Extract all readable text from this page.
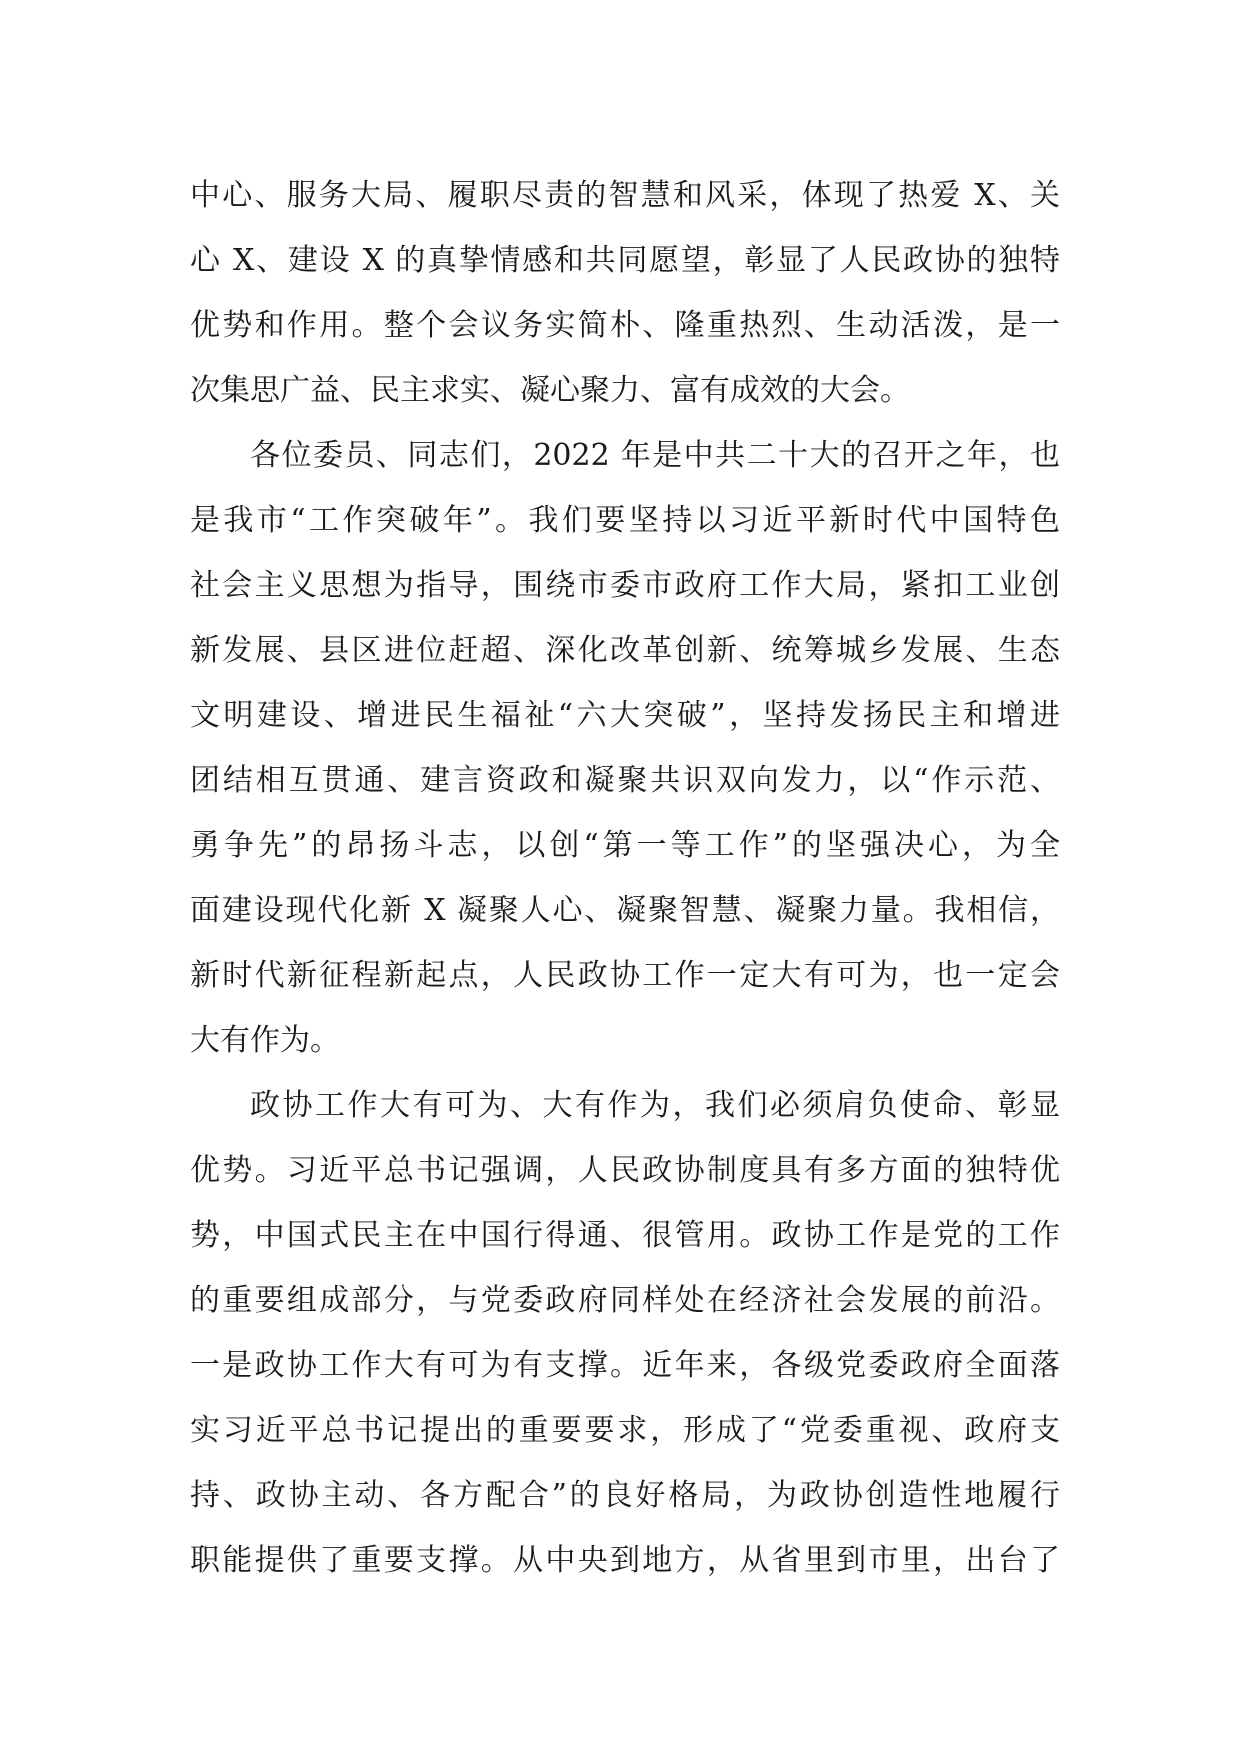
中心、服务大局、履职尽责的智慧和风采，体现了热爱 X、关
心 X、建设 X 的真挚情感和共同愿望，彰显了人民政协的独特
优势和作用。整个会议务实简朴、隆重热烈、生动活泼，是一
次集思广益、民主求实、凝心聚力、富有成效的大会。
各位委员、同志们，2022 年是中共二十大的召开之年，也
是我市“工作突破年”。我们要坚持以习近平新时代中国特色
社会主义思想为指导，围绕市委市政府工作大局，紧扣工业创
新发展、县区进位赶超、深化改革创新、统筹城乡发展、生态
文明建设、增进民生福祉“六大突破”，坚持发扬民主和增进
团结相互贯通、建言资政和凝聚共识双向发力，以“作示范、
勇争先”的昂扬斗志，以创“第一等工作”的坚强决心，为全
面建设现代化新 X 凝聚人心、凝聚智慧、凝聚力量。我相信，
新时代新征程新起点，人民政协工作一定大有可为，也一定会
大有作为。
政协工作大有可为、大有作为，我们必须肩负使命、彰显
优势。习近平总书记强调，人民政协制度具有多方面的独特优
势，中国式民主在中国行得通、很管用。政协工作是党的工作
的重要组成部分，与党委政府同样处在经济社会发展的前沿。
一是政协工作大有可为有支撑。近年来，各级党委政府全面落
实习近平总书记提出的重要要求，形成了“党委重视、政府支
持、政协主动、各方配合”的良好格局，为政协创造性地履行
职能提供了重要支撑。从中央到地方，从省里到市里，出台了
